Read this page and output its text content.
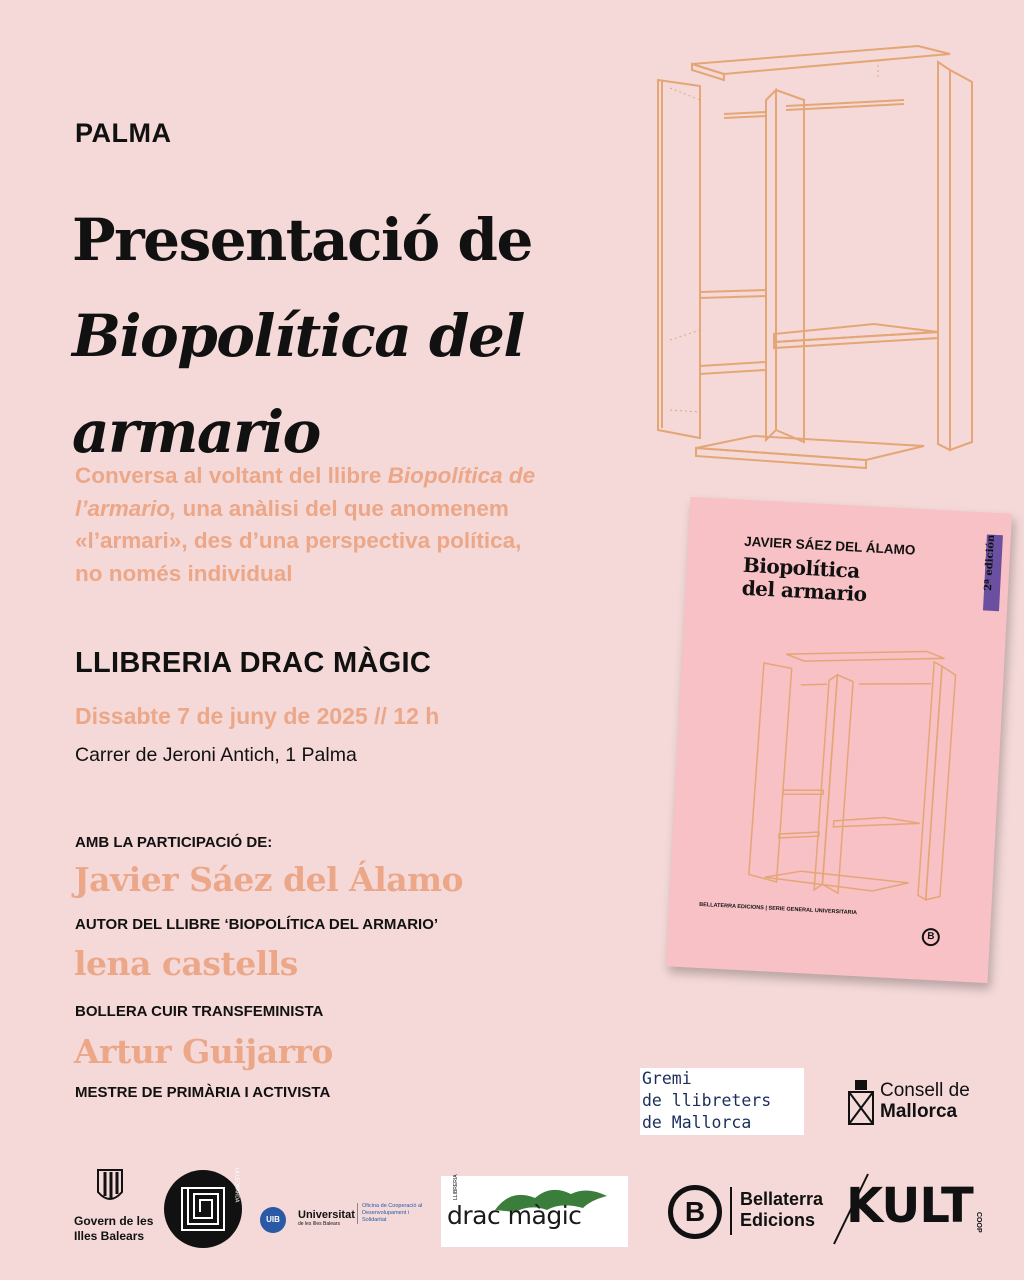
PALMA
Presentació de
Biopolítica del
armario
Conversa al voltant del llibre Biopolítica de l’armario, una anàlisi del que anomenem «l’armari», des d’una perspectiva política, no només individual
LLIBRERIA DRAC MÀGIC
Dissabte 7 de juny de 2025 // 12 h
Carrer de Jeroni Antich, 1 Palma
AMB LA PARTICIPACIÓ DE:
Javier Sáez del Álamo
AUTOR DEL LLIBRE ‘BIOPOLÍTICA DEL ARMARIO’
lena castells
BOLLERA CUIR TRANSFEMINISTA
Artur Guijarro
MESTRE DE PRIMÀRIA I ACTIVISTA
JAVIER SÁEZ DEL ÁLAMO
Biopolítica
del armario	2ª edición
BELLATERRA EDICIONS | SERIE GENERAL UNIVERSITARIA
B
Gremi
de llibreters
de Mallorca
Consell de
Mallorca
Govern de les Illes Balears
LA LEONARDA
UIB	Universitat
de les Illes Balears
Oficina de Cooperació al Desenvolupament i Solidaritat
LLIBRERIA
drac màgic	B	Bellaterra
Edicions KULT COOP
